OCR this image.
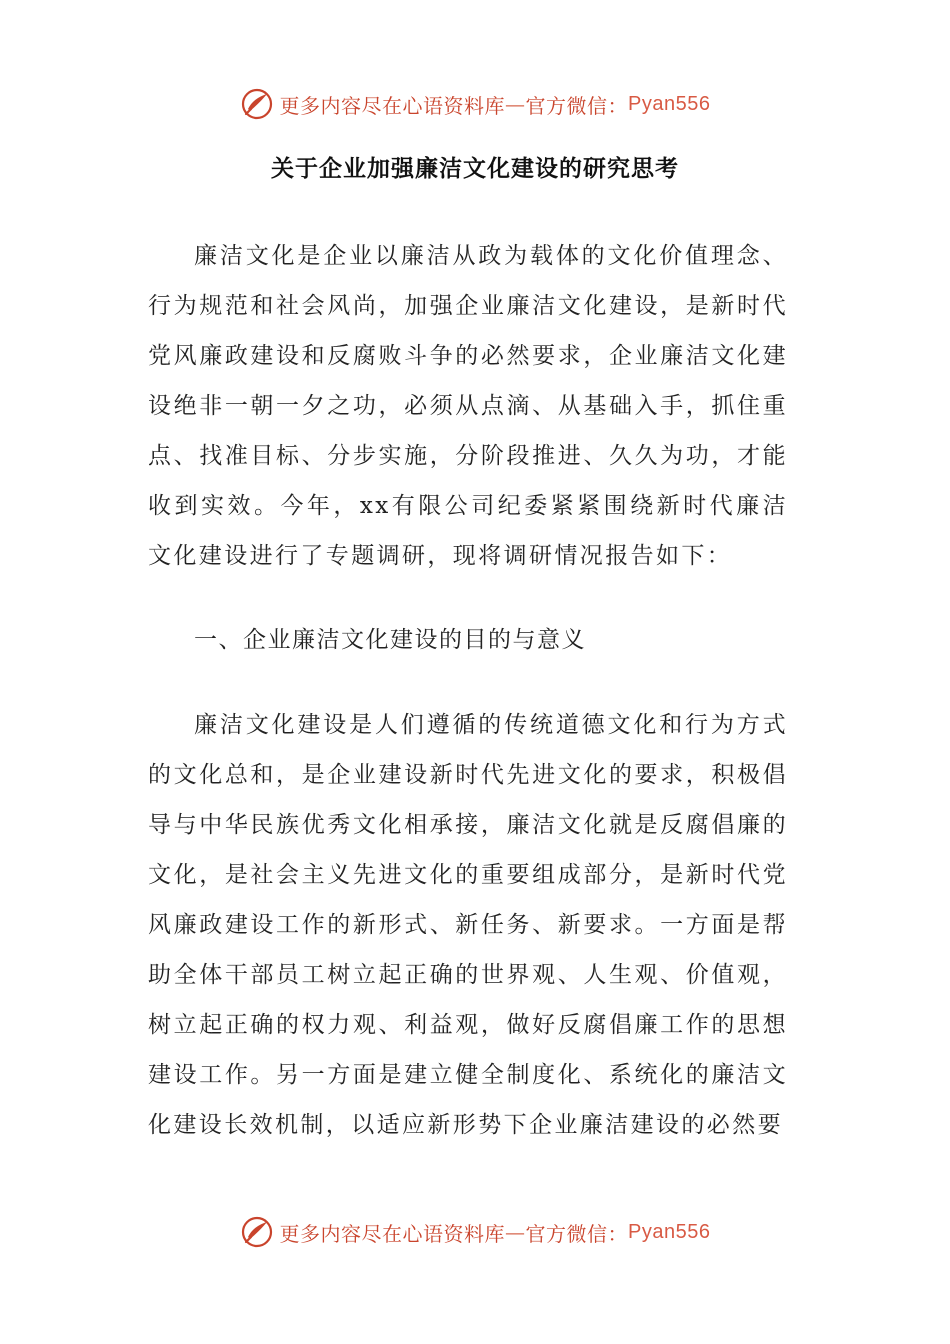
更多内容尽在心语资料库 — 官方微信： Pyan556
关于企业加强廉洁文化建设的研究思考

廉洁文化是企业以廉洁从政为载体的文化价值理念、行为规范和社会风尚，加强企业廉洁文化建设，是新时代党风廉政建设和反腐败斗争的必然要求，企业廉洁文化建设绝非一朝一夕之功，必须从点滴、从基础入手，抓住重点、找准目标、分步实施，分阶段推进、久久为功，才能收到实效。今年，xx有限公司纪委紧紧围绕新时代廉洁文化建设进行了专题调研，现将调研情况报告如下：

一、企业廉洁文化建设的目的与意义

廉洁文化建设是人们遵循的传统道德文化和行为方式的文化总和，是企业建设新时代先进文化的要求，积极倡导与中华民族优秀文化相承接，廉洁文化就是反腐倡廉的文化，是社会主义先进文化的重要组成部分，是新时代党风廉政建设工作的新形式、新任务、新要求。一方面是帮助全体干部员工树立起正确的世界观、人生观、价值观，树立起正确的权力观、利益观，做好反腐倡廉工作的思想建设工作。另一方面是建立健全制度化、系统化的廉洁文化建设长效机制，以适应新形势下企业廉洁建设的必然要

更多内容尽在心语资料库 — 官方微信： Pyan556
